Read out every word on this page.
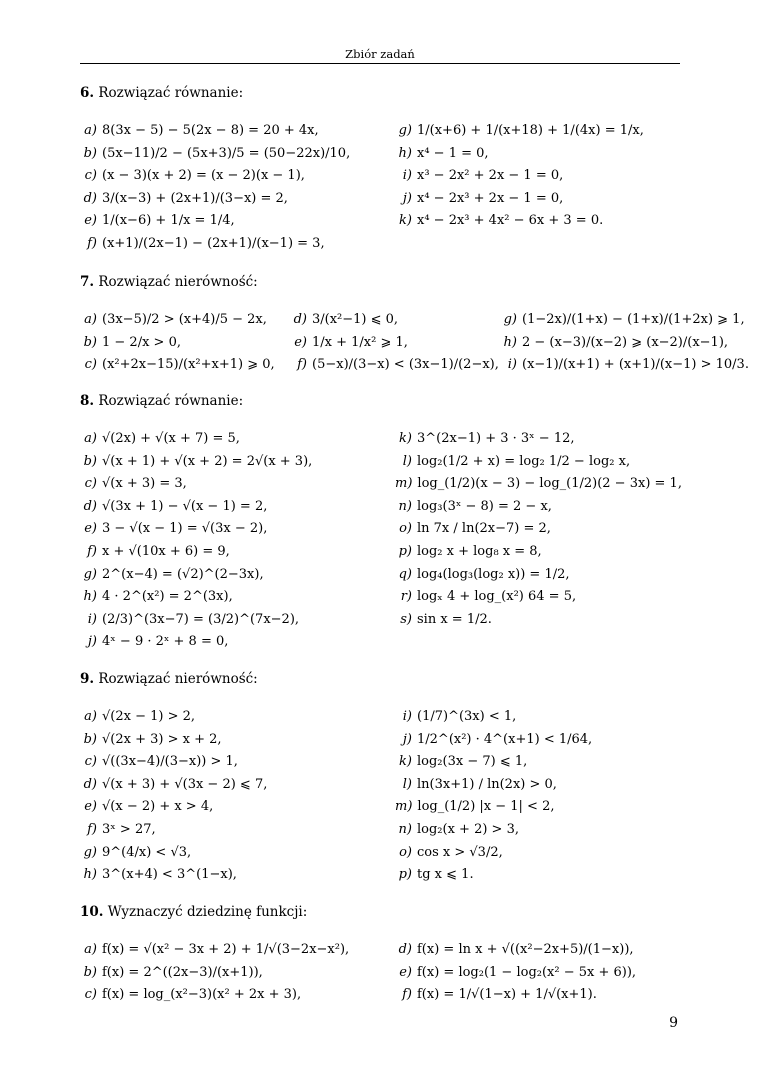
Zbiór zadań
6. Rozwiązać równanie:
a) 8(3x − 5) − 5(2x − 8) = 20 + 4x,
b) (5x−11)/2 − (5x+3)/5 = (50−22x)/10,
c) (x − 3)(x + 2) = (x − 2)(x − 1),
d) 3/(x−3) + (2x+1)/(3−x) = 2,
e) 1/(x−6) + 1/x = 1/4,
f) (x+1)/(2x−1) − (2x+1)/(x−1) = 3,
g) 1/(x+6) + 1/(x+18) + 1/(4x) = 1/x,
h) x⁴ − 1 = 0,
i) x³ − 2x² + 2x − 1 = 0,
j) x⁴ − 2x³ + 2x − 1 = 0,
k) x⁴ − 2x³ + 4x² − 6x + 3 = 0.
7. Rozwiązać nierówność:
a) (3x−5)/2 > (x+4)/5 − 2x,
b) 1 − 2/x > 0,
c) (x²+2x−15)/(x²+x+1) ⩾ 0,
d) 3/(x²−1) ⩽ 0,
e) 1/x + 1/x² ⩾ 1,
f) (5−x)/(3−x) < (3x−1)/(2−x),
g) (1−2x)/(1+x) − (1+x)/(1+2x) ⩾ 1,
h) 2 − (x−3)/(x−2) ⩾ (x−2)/(x−1),
i) (x−1)/(x+1) + (x+1)/(x−1) > 10/3.
8. Rozwiązać równanie:
a) √(2x) + √(x + 7) = 5,
b) √(x + 1) + √(x + 2) = 2√(x + 3),
c) √(x + 3) = 3,
d) √(3x + 1) − √(x − 1) = 2,
e) 3 − √(x − 1) = √(3x − 2),
f) x + √(10x + 6) = 9,
g) 2^(x−4) = (√2)^(2−3x),
h) 4 · 2^(x²) = 2^(3x),
i) (2/3)^(3x−7) = (3/2)^(7x−2),
j) 4ˣ − 9 · 2ˣ + 8 = 0,
k) 3^(2x−1) + 3 · 3ˣ − 12,
l) log₂(1/2 + x) = log₂ 1/2 − log₂ x,
m) log_(1/2)(x − 3) − log_(1/2)(2 − 3x) = 1,
n) log₃(3ˣ − 8) = 2 − x,
o) ln 7x / ln(2x−7) = 2,
p) log₂ x + log₈ x = 8,
q) log₄(log₃(log₂ x)) = 1/2,
r) logₓ 4 + log_(x²) 64 = 5,
s) sin x = 1/2.
9. Rozwiązać nierówność:
a) √(2x − 1) > 2,
b) √(2x + 3) > x + 2,
c) √((3x−4)/(3−x)) > 1,
d) √(x + 3) + √(3x − 2) ⩽ 7,
e) √(x − 2) + x > 4,
f) 3ˣ > 27,
g) 9^(4/x) < √3,
h) 3^(x+4) < 3^(1−x),
i) (1/7)^(3x) < 1,
j) 1/2^(x²) · 4^(x+1) < 1/64,
k) log₂(3x − 7) ⩽ 1,
l) ln(3x+1) / ln(2x) > 0,
m) log_(1/2) |x − 1| < 2,
n) log₂(x + 2) > 3,
o) cos x > √3/2,
p) tg x ⩽ 1.
10. Wyznaczyć dziedzinę funkcji:
a) f(x) = √(x² − 3x + 2) + 1/√(3−2x−x²),
b) f(x) = 2^((2x−3)/(x+1)),
c) f(x) = log_(x²−3)(x² + 2x + 3),
d) f(x) = ln x + √((x²−2x+5)/(1−x)),
e) f(x) = log₂(1 − log₂(x² − 5x + 6)),
f) f(x) = 1/√(1−x) + 1/√(x+1).
9
